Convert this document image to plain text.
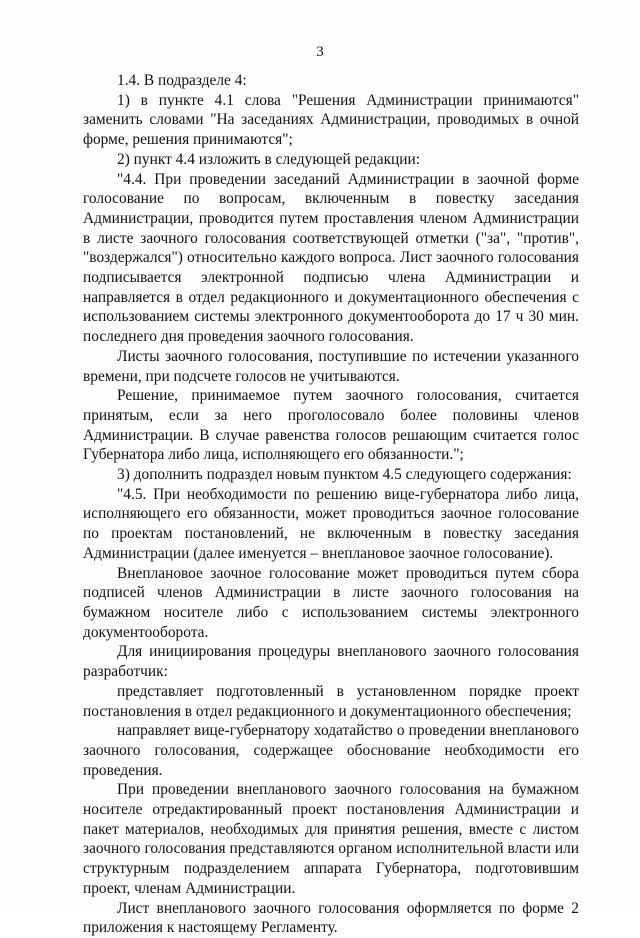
3

1.4. В подразделе 4:

1) в пункте 4.1 слова "Решения Администрации принимаются" заменить словами "На заседаниях Администрации, проводимых в очной форме, решения принимаются";

2) пункт 4.4 изложить в следующей редакции:

"4.4. При проведении заседаний Администрации в заочной форме голосование по вопросам, включенным в повестку заседания Администрации, проводится путем проставления членом Администрации в листе заочного голосования соответствующей отметки ("за", "против", "воздержался") относительно каждого вопроса. Лист заочного голосования подписывается электронной подписью члена Администрации и направляется в отдел редакционного и документационного обеспечения с использованием системы электронного документооборота до 17 ч 30 мин. последнего дня проведения заочного голосования.

Листы заочного голосования, поступившие по истечении указанного времени, при подсчете голосов не учитываются.

Решение, принимаемое путем заочного голосования, считается принятым, если за него проголосовало более половины членов Администрации. В случае равенства голосов решающим считается голос Губернатора либо лица, исполняющего его обязанности.";

3) дополнить подраздел новым пунктом 4.5 следующего содержания:

"4.5. При необходимости по решению вице-губернатора либо лица, исполняющего его обязанности, может проводиться заочное голосование по проектам постановлений, не включенным в повестку заседания Администрации (далее именуется – внеплановое заочное голосование).

Внеплановое заочное голосование может проводиться путем сбора подписей членов Администрации в листе заочного голосования на бумажном носителе либо с использованием системы электронного документооборота.

Для инициирования процедуры внепланового заочного голосования разработчик:

представляет подготовленный в установленном порядке проект постановления в отдел редакционного и документационного обеспечения;

направляет вице-губернатору ходатайство о проведении внепланового заочного голосования, содержащее обоснование необходимости его проведения.

При проведении внепланового заочного голосования на бумажном носителе отредактированный проект постановления Администрации и пакет материалов, необходимых для принятия решения, вместе с листом заочного голосования представляются органом исполнительной власти или структурным подразделением аппарата Губернатора, подготовившим проект, членам Администрации.

Лист внепланового заочного голосования оформляется по форме 2 приложения к настоящему Регламенту.
